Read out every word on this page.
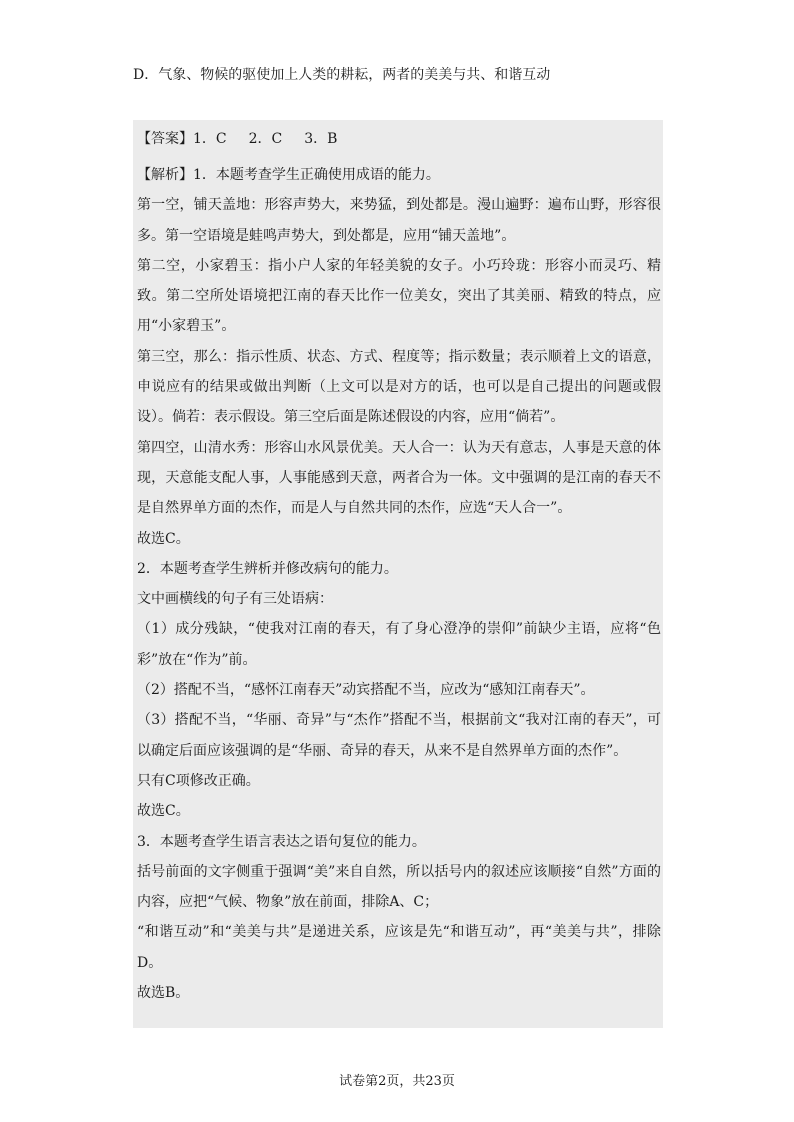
D．气象、物候的驱使加上人类的耕耘，两者的美美与共、和谐互动
【答案】1．C 2．C 3．B

【解析】1．本题考查学生正确使用成语的能力。

第一空，铺天盖地：形容声势大，来势猛，到处都是。漫山遍野：遍布山野，形容很多。第一空语境是蛙鸣声势大，到处都是，应用“铺天盖地”。

第二空，小家碧玉：指小户人家的年轻美貌的女子。小巧玲珑：形容小而灵巧、精致。第二空所处语境把江南的春天比作一位美女，突出了其美丽、精致的特点，应用“小家碧玉”。

第三空，那么：指示性质、状态、方式、程度等；指示数量；表示顺着上文的语意，申说应有的结果或做出判断（上文可以是对方的话，也可以是自己提出的问题或假设）。倘若：表示假设。第三空后面是陈述假设的内容，应用“倘若”。

第四空，山清水秀：形容山水风景优美。天人合一：认为天有意志，人事是天意的体现，天意能支配人事，人事能感到天意，两者合为一体。文中强调的是江南的春天不是自然界单方面的杰作，而是人与自然共同的杰作，应选“天人合一”。

故选C。

2．本题考查学生辨析并修改病句的能力。

文中画横线的句子有三处语病：

（1）成分残缺，“使我对江南的春天，有了身心澄净的崇仰”前缺少主语，应将“色彩”放在“作为”前。

（2）搭配不当，“感怀江南春天”动宾搭配不当，应改为“感知江南春天”。

（3）搭配不当，“华丽、奇异”与“杰作”搭配不当，根据前文“我对江南的春天”，可以确定后面应该强调的是“华丽、奇异的春天，从来不是自然界单方面的杰作”。

只有C项修改正确。

故选C。

3．本题考查学生语言表达之语句复位的能力。

括号前面的文字侧重于强调“美”来自自然，所以括号内的叙述应该顺接“自然”方面的内容，应把“气候、物象”放在前面，排除A、C；

“和谐互动”和“美美与共”是递进关系，应该是先“和谐互动”，再“美美与共”，排除D。

故选B。

试卷第2页，共23页
